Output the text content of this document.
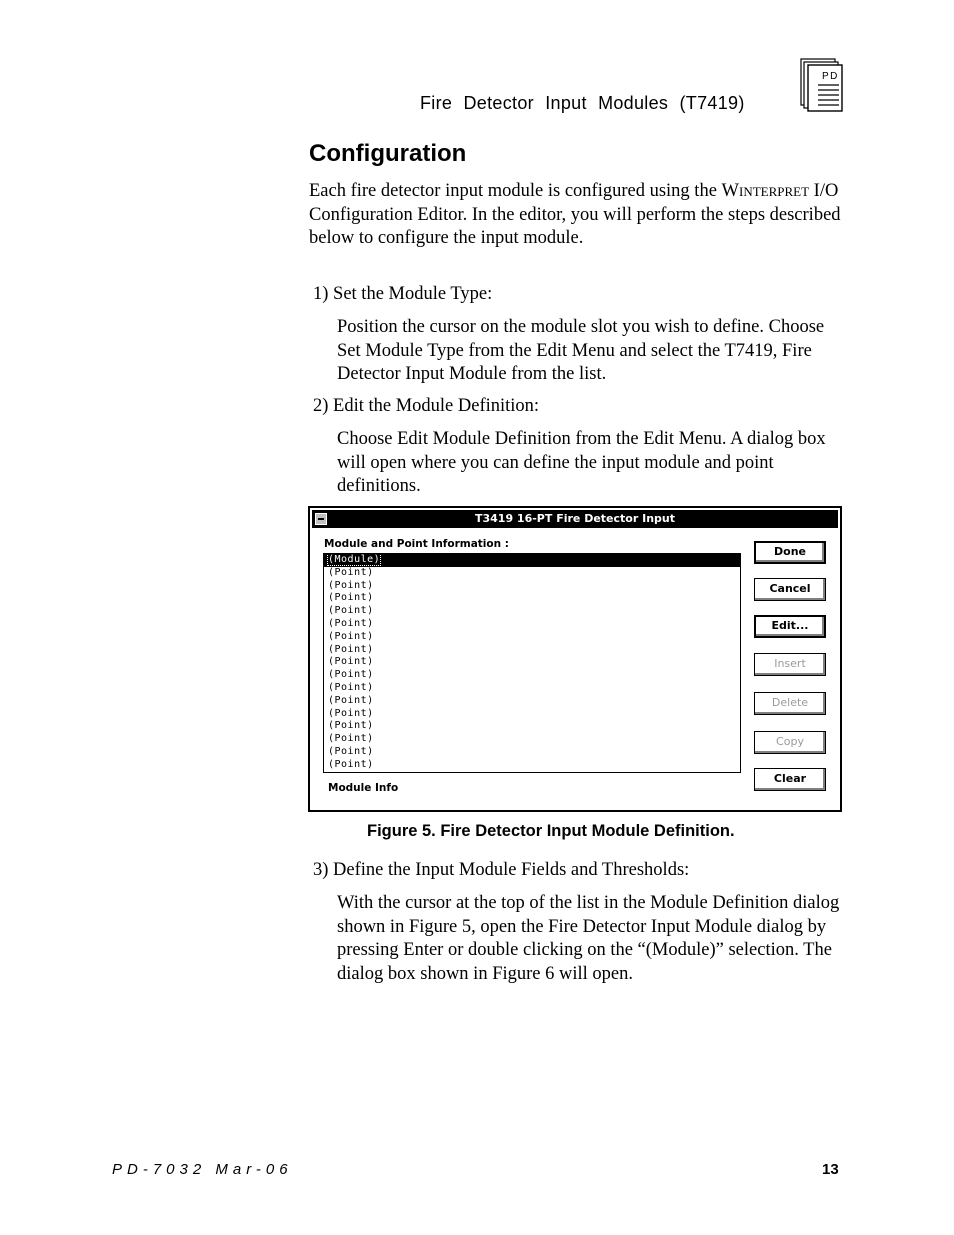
Fire Detector Input Modules (T7419)
PD
Configuration

Each fire detector input module is configured using the Winterpret I/O Configuration Editor. In the editor, you will perform the steps described below to configure the input module.

1) Set the Module Type:

Position the cursor on the module slot you wish to define. Choose Set Module Type from the Edit Menu and select the T7419, Fire Detector Input Module from the list.

2) Edit the Module Definition:

Choose Edit Module Definition from the Edit Menu. A dialog box will open where you can define the input module and point definitions.

T3419 16-PT Fire Detector Input
Module and Point Information :
(Module)
(Point)
(Point)
(Point)
(Point)
(Point)
(Point)
(Point)
(Point)
(Point)
(Point)
(Point)
(Point)
(Point)
(Point)
(Point)
(Point)
Module Info
Done
Cancel
Edit...
Insert
Delete
Copy
Clear
Figure 5. Fire Detector Input Module Definition.

3) Define the Input Module Fields and Thresholds:

With the cursor at the top of the list in the Module Definition dialog shown in Figure 5, open the Fire Detector Input Module dialog by pressing Enter or double clicking on the “(Module)” selection. The dialog box shown in Figure 6 will open.

PD-7032 Mar-06	13
